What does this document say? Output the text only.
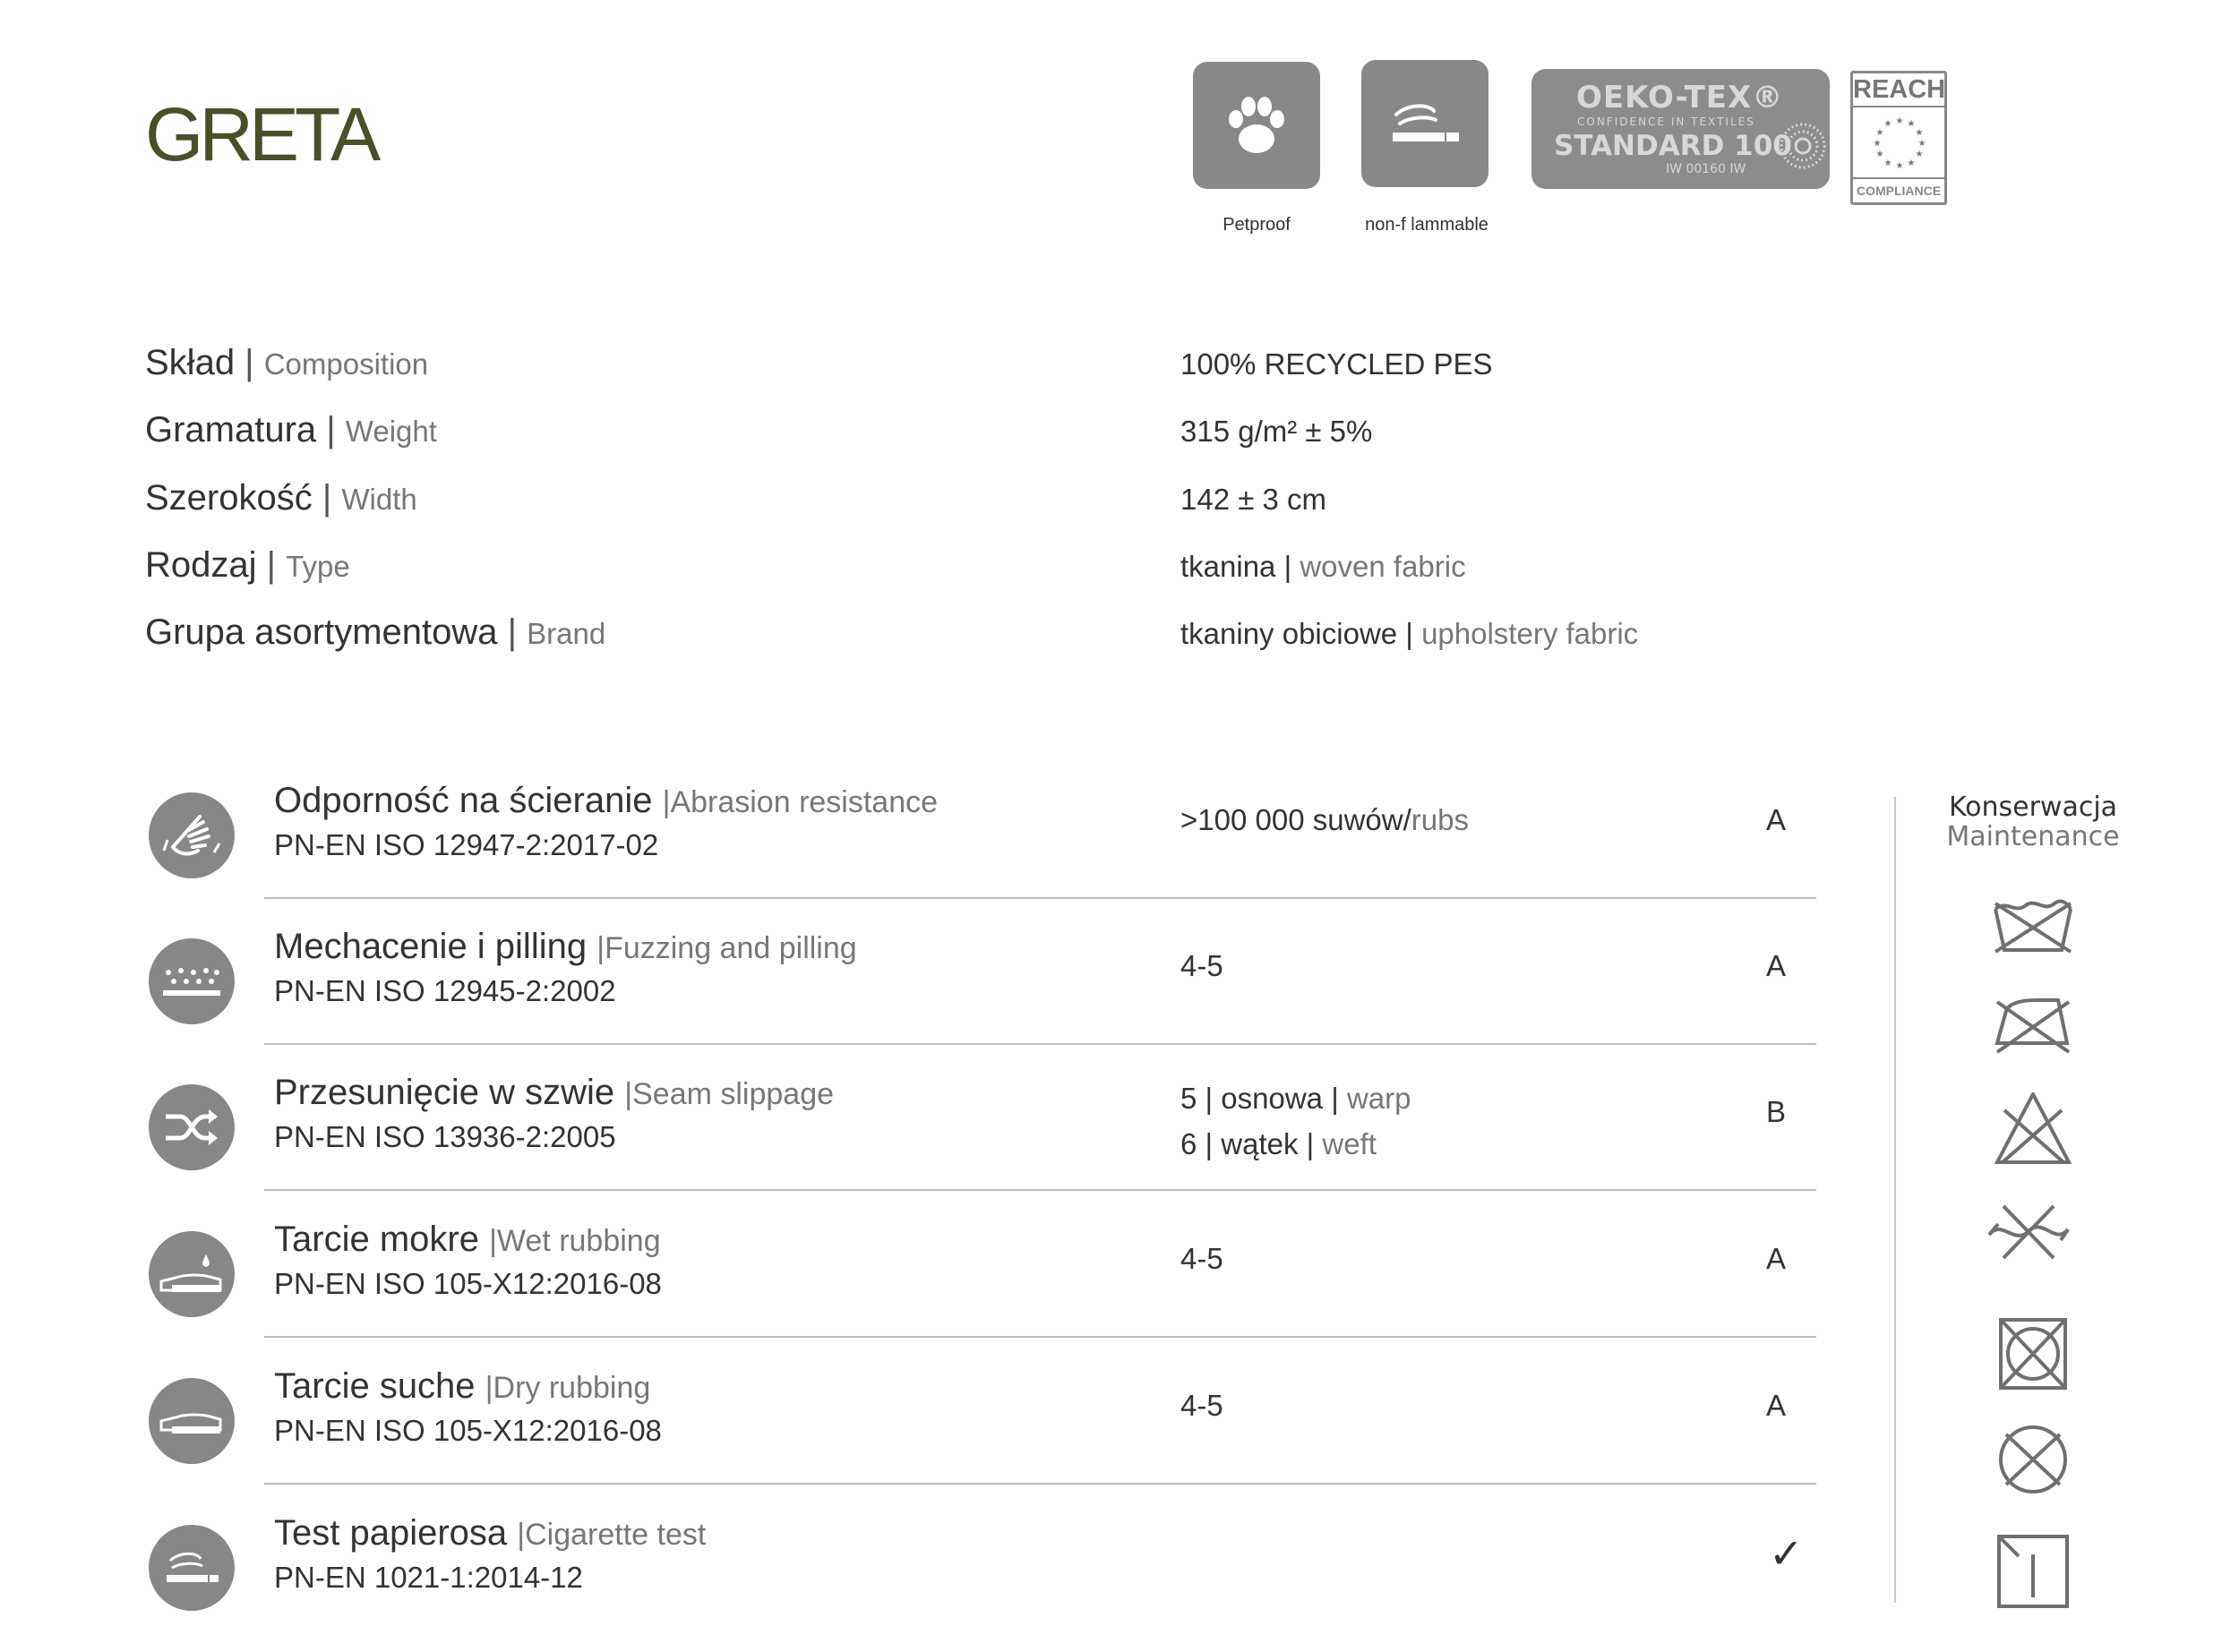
GRETA
Petproof	non-f lammable
OEKO-TEX®
CONFIDENCE IN TEXTILES
STANDARD 100
IW 00160 IW
REACH
★ ★
★
★
★
★
★
★
★
★
★
★
COMPLIANCE
Skład | Composition	100% RECYCLED PES
Gramatura | Weight	315 g/m² ± 5%
Szerokość | Width	142 ± 3 cm
Rodzaj | Type	tkanina | woven fabric
Grupa asortymentowa | Brand	tkaniny obiciowe | upholstery fabric
Odporność na ścieranie |Abrasion resistance
PN-EN ISO 12947-2:2017-02
>100 000 suwów/rubs	A
Mechacenie i pilling |Fuzzing and pilling
PN-EN ISO 12945-2:2002
4-5	A
Przesunięcie w szwie |Seam slippage
PN-EN ISO 13936-2:2005
5 | osnowa | warp
6 | wątek | weft
B
Tarcie mokre |Wet rubbing
PN-EN ISO 105-X12:2016-08
4-5	A
Tarcie suche |Dry rubbing
PN-EN ISO 105-X12:2016-08
4-5	A
Test papierosa |Cigarette test
PN-EN 1021-1:2014-12	✓
Konserwacja
Maintenance
